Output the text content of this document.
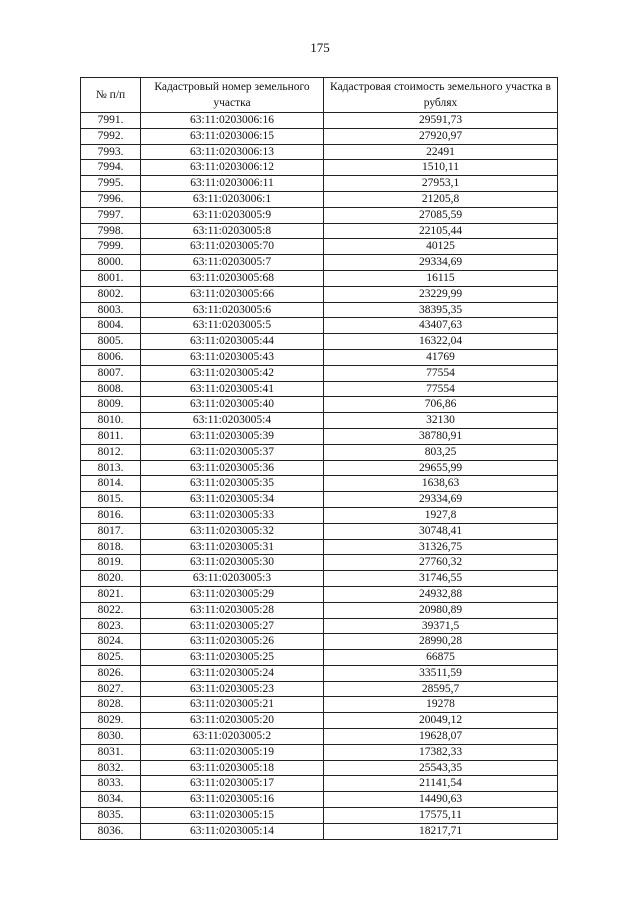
175
№ п/п	Кадастровый номер земельного участка	Кадастровая стоимость земельного участка в рублях
7991.	63:11:0203006:16	29591,73
7992.	63:11:0203006:15	27920,97
7993.	63:11:0203006:13	22491
7994.	63:11:0203006:12	1510,11
7995.	63:11:0203006:11	27953,1
7996.	63:11:0203006:1	21205,8
7997.	63:11:0203005:9	27085,59
7998.	63:11:0203005:8	22105,44
7999.	63:11:0203005:70	40125
8000.	63:11:0203005:7	29334,69
8001.	63:11:0203005:68	16115
8002.	63:11:0203005:66	23229,99
8003.	63:11:0203005:6	38395,35
8004.	63:11:0203005:5	43407,63
8005.	63:11:0203005:44	16322,04
8006.	63:11:0203005:43	41769
8007.	63:11:0203005:42	77554
8008.	63:11:0203005:41	77554
8009.	63:11:0203005:40	706,86
8010.	63:11:0203005:4	32130
8011.	63:11:0203005:39	38780,91
8012.	63:11:0203005:37	803,25
8013.	63:11:0203005:36	29655,99
8014.	63:11:0203005:35	1638,63
8015.	63:11:0203005:34	29334,69
8016.	63:11:0203005:33	1927,8
8017.	63:11:0203005:32	30748,41
8018.	63:11:0203005:31	31326,75
8019.	63:11:0203005:30	27760,32
8020.	63:11:0203005:3	31746,55
8021.	63:11:0203005:29	24932,88
8022.	63:11:0203005:28	20980,89
8023.	63:11:0203005:27	39371,5
8024.	63:11:0203005:26	28990,28
8025.	63:11:0203005:25	66875
8026.	63:11:0203005:24	33511,59
8027.	63:11:0203005:23	28595,7
8028.	63:11:0203005:21	19278
8029.	63:11:0203005:20	20049,12
8030.	63:11:0203005:2	19628,07
8031.	63:11:0203005:19	17382,33
8032.	63:11:0203005:18	25543,35
8033.	63:11:0203005:17	21141,54
8034.	63:11:0203005:16	14490,63
8035.	63:11:0203005:15	17575,11
8036.	63:11:0203005:14	18217,71
